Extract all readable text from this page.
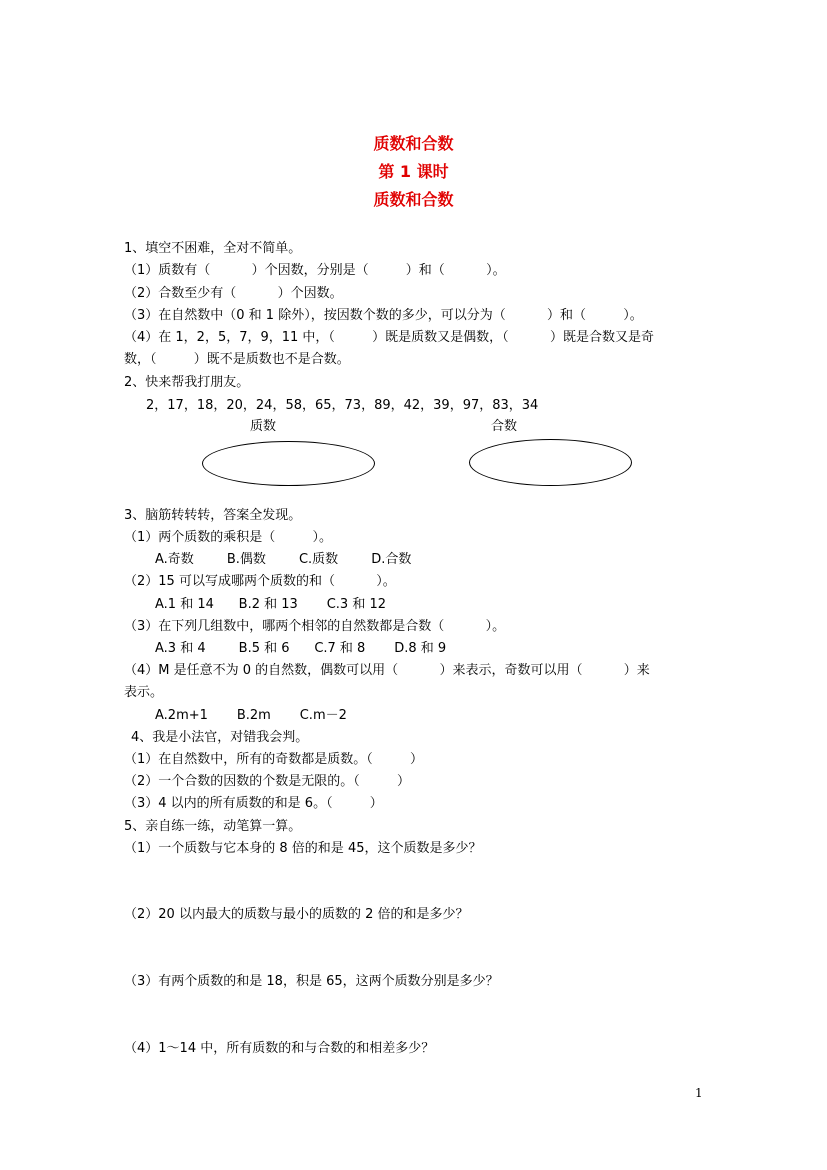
质数和合数
第 1 课时
质数和合数
1、填空不困难，全对不简单。
（1）质数有（          ）个因数，分别是（         ）和（          ）。
（2）合数至少有（          ）个因数。
（3）在自然数中（0 和 1 除外），按因数个数的多少，可以分为（          ）和（         ）。
（4）在 1，2，5，7，9，11 中，（         ）既是质数又是偶数，（          ）既是合数又是奇
数，（         ）既不是质数也不是合数。
2、快来帮我打朋友。
2，17，18，20，24，58，65，73，89，42，39，97，83，34
质数	合数
3、脑筋转转转，答案全发现。
（1）两个质数的乘积是（         ）。
A.奇数        B.偶数        C.质数        D.合数
（2）15 可以写成哪两个质数的和（          ）。
A.1 和 14      B.2 和 13       C.3 和 12
（3）在下列几组数中，哪两个相邻的自然数都是合数（          ）。
A.3 和 4        B.5 和 6      C.7 和 8       D.8 和 9
（4）M 是任意不为 0 的自然数，偶数可以用（          ）来表示，奇数可以用（          ）来
表示。
A.2m+1       B.2m       C.m－2
4、我是小法官，对错我会判。
（1）在自然数中，所有的奇数都是质数。（         ）
（2）一个合数的因数的个数是无限的。（         ）
（3）4 以内的所有质数的和是 6。（         ）
5、亲自练一练，动笔算一算。
（1）一个质数与它本身的 8 倍的和是 45，这个质数是多少？
（2）20 以内最大的质数与最小的质数的 2 倍的和是多少？
（3）有两个质数的和是 18，积是 65，这两个质数分别是多少？
（4）1～14 中，所有质数的和与合数的和相差多少？
1
